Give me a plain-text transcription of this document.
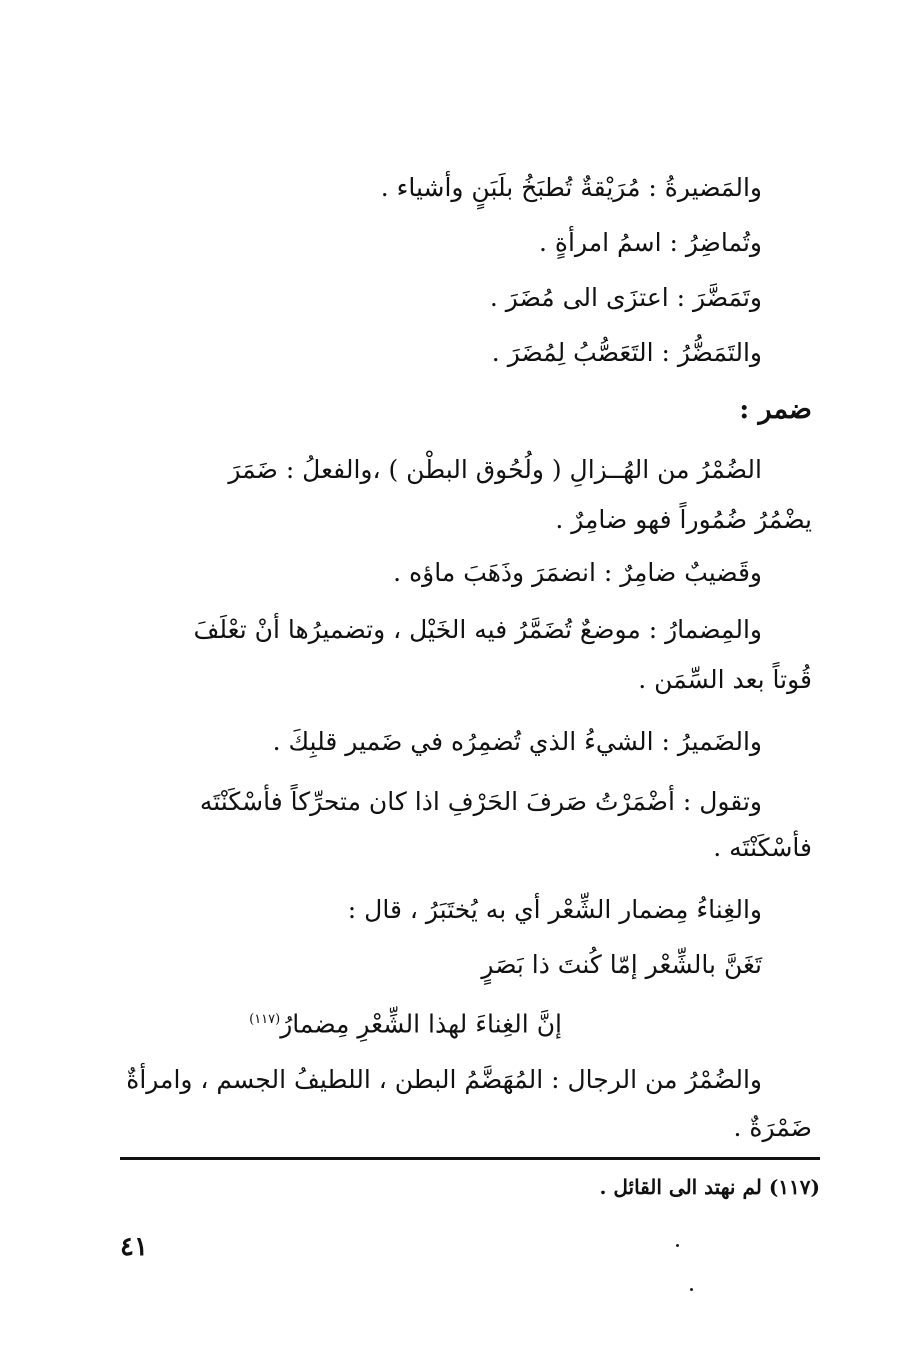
والمَضيرةُ : مُرَيْقةٌ تُطبَخُ بلَبَنٍ وأشياء .
وتُماضِرُ : اسمُ امرأةٍ .
وتَمَضَّرَ : اعتزَى الى مُضَرَ .
والتَمَضُّرُ : التَعَصُّبُ لِمُضَرَ .
ضمر :
الضُمْرُ من الهُــزالِ ( ولُحُوق البطْن ) ،والفعلُ : ضَمَرَ
يضْمُرُ ضُمُوراً فهو ضامِرٌ .
وقَضيبٌ ضامِرٌ : انضمَرَ وذَهَبَ ماؤه .
والمِضمارُ : موضعٌ تُضَمَّرُ فيه الخَيْل ، وتضميرُها أنْ تعْلَفَ
قُوتاً بعد السِّمَن .
والضَميرُ : الشيءُ الذي تُضمِرُه في ضَمير قلبِكَ .
وتقول : أضْمَرْتُ صَرفَ الحَرْفِ اذا كان متحرِّكاً فأسْكَنْتَه
فأسْكَنْتَه .
والغِناءُ مِضمار الشِّعْر أي به يُختَبَرُ ، قال :
تَغَنَّ بالشِّعْر إمّا كُنتَ ذا بَصَرٍ
إنَّ الغِناءَ لهذا الشِّعْرِ مِضمارُ$^{(١١٧)}$
والضُمْرُ من الرجال : المُهَضَّمُ البطن ، اللطيفُ الجسم ، وامرأةٌ
ضَمْرَةٌ .
(١١٧) لم نهتد الى القائل .
٤١
